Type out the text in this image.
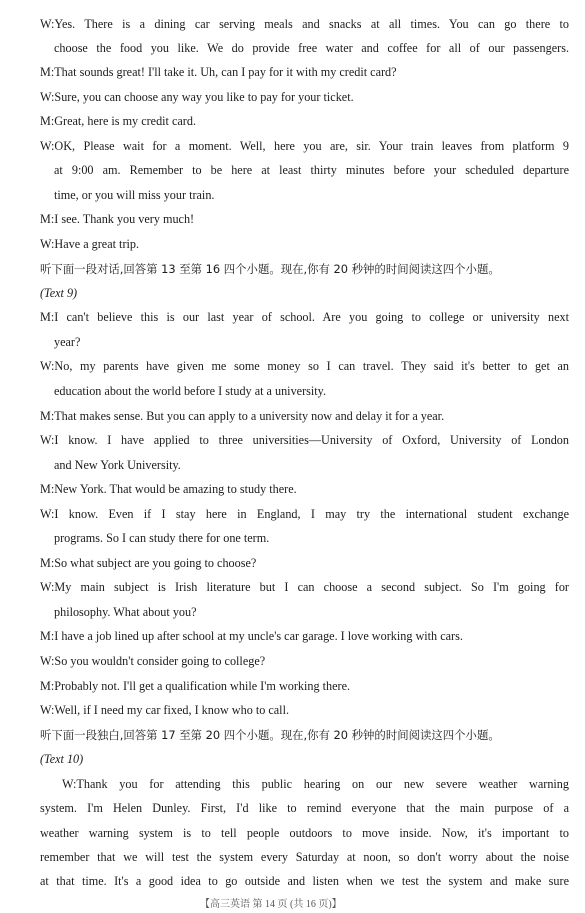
W:Yes. There is a dining car serving meals and snacks at all times. You can go there to
choose the food you like. We do provide free water and coffee for all of our passengers.
M:That sounds great! I'll take it. Uh, can I pay for it with my credit card?
W:Sure, you can choose any way you like to pay for your ticket.
M:Great, here is my credit card.
W:OK, Please wait for a moment. Well, here you are, sir. Your train leaves from platform 9
at 9:00 am. Remember to be here at least thirty minutes before your scheduled departure
time, or you will miss your train.
M:I see. Thank you very much!
W:Have a great trip.
听下面一段对话,回答第 13 至第 16 四个小题。现在,你有 20 秒钟的时间阅读这四个小题。
(Text 9)
M:I can't believe this is our last year of school. Are you going to college or university next
year?
W:No, my parents have given me some money so I can travel. They said it's better to get an
education about the world before I study at a university.
M:That makes sense. But you can apply to a university now and delay it for a year.
W:I know. I have applied to three universities—University of Oxford, University of London
and New York University.
M:New York. That would be amazing to study there.
W:I know. Even if I stay here in England, I may try the international student exchange
programs. So I can study there for one term.
M:So what subject are you going to choose?
W:My main subject is Irish literature but I can choose a second subject. So I'm going for
philosophy. What about you?
M:I have a job lined up after school at my uncle's car garage. I love working with cars.
W:So you wouldn't consider going to college?
M:Probably not. I'll get a qualification while I'm working there.
W:Well, if I need my car fixed, I know who to call.
听下面一段独白,回答第 17 至第 20 四个小题。现在,你有 20 秒钟的时间阅读这四个小题。
(Text 10)
W:Thank you for attending this public hearing on our new severe weather warning
system. I'm Helen Dunley. First, I'd like to remind everyone that the main purpose of a
weather warning system is to tell people outdoors to move inside. Now, it's important to
remember that we will test the system every Saturday at noon, so don't worry about the noise
at that time. It's a good idea to go outside and listen when we test the system and make sure
【高三英语 第 14 页 (共 16 页)】
